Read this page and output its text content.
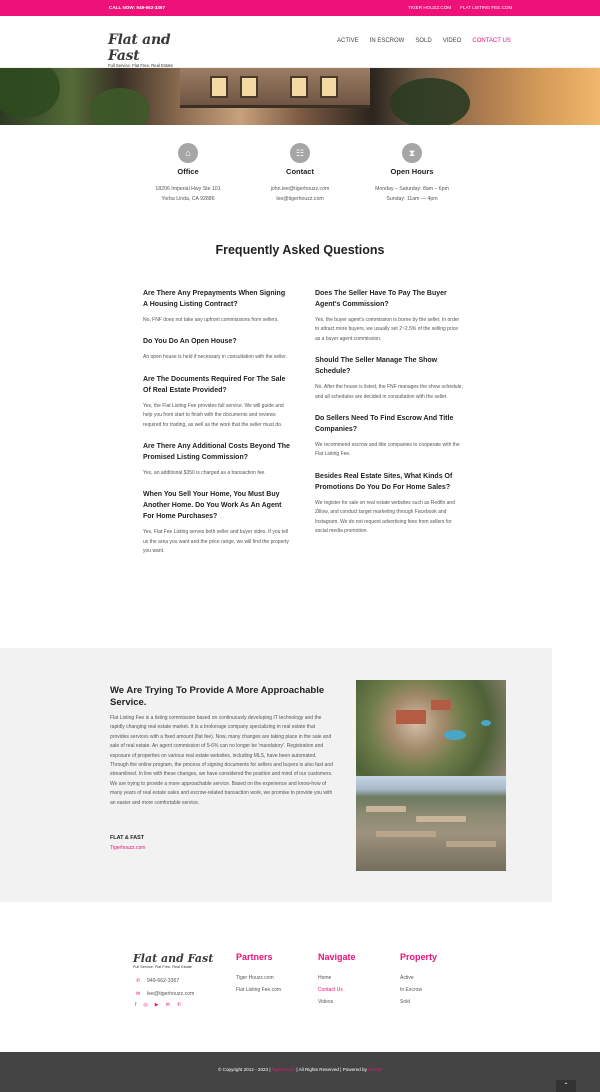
CALL NOW: 949-662-3367	TIGER HOUZZ.COM FLAT LISTING FEE.COM
Flat and Fast
Full Service. Flat Free. Real Estate
ACTIVE IN ESCROW SOLD VIDEO CONTACT US
⌂
Office

18206 Imperial Hwy Ste 101

Yorba Linda, CA 92886

☷
Contact

john.lee@tigerhouzz.com

lee@tigerhouzz.com

⧗
Open Hours

Monday – Saturday: 8am – 6pm

Sunday: 11am — 4pm

Frequently Asked Questions
Are There Any Prepayments When Signing A Housing Listing Contract?

No, FNF does not take any upfront commissions from sellers.

Do You Do An Open House?

An open house is held if necessary in consultation with the seller.

Are The Documents Required For The Sale Of Real Estate Provided?

Yes, the Flat Listing Fee provides full service. We will guide and help you from start to finish with the documents and reviews required for trading, as well as the work that the seller must do.

Are There Any Additional Costs Beyond The Promised Listing Commission?

Yes, an additional $350 is charged as a transaction fee.

When You Sell Your Home, You Must Buy Another Home. Do You Work As An Agent For Home Purchases?

Yes, Flat Fee Listing serves both seller and buyer sides. If you tell us the area you want and the price range, we will find the property you want.

Does The Seller Have To Pay The Buyer Agent's Commission?

Yes, the buyer agent's commission is borne by the seller. In order to attract more buyers, we usually set 2~2.5% of the selling price as a buyer agent commission.

Should The Seller Manage The Show Schedule?

No. After the house is listed, the FNF manages the show schedule, and all schedules are decided in consultation with the seller.

Do Sellers Need To Find Escrow And Title Companies?

We recommend escrow and title companies to cooperate with the Flat Listing Fee.

Besides Real Estate Sites, What Kinds Of Promotions Do You Do For Home Sales?

We register for sale on real estate websites such as Redfin and Zillow, and conduct target marketing through Facebook and Instagram. We do not request advertising fees from sellers for social media promotion.

We Are Trying To Provide A More Approachable Service.

Flat Listing Fee is a listing commission based on continuously developing IT technology and the rapidly changing real estate market. It is a brokerage company specializing in real estate that provides services with a fixed amount (flat fee). Now, many changes are taking place in the sale and sale of real estate. An agent commission of 5-6% can no longer be 'mandatory'. Registration and exposure of properties on various real estate websites, including MLS, have been automated. Through the online program, the process of signing documents for sellers and buyers is also fast and streamlined. In line with these changes, we have considered the position and mind of our customers. We are trying to provide a more approachable service. Based on the experience and know-how of many years of real estate sales and escrow-related transaction work, we promise to provide you with an easier and more comfortable service.

FLAT & FAST
Tigerhouzz.com
Flat and Fast
Full Service. Flat Free. Real Estate
✆ 949-662-3367
✉ lee@tigerhouzz.com
f ◎ ▶ ✉ ✆
Partners
Tiger Houzz.com
Flat Listing Fee.com
Navigate
Home
Contact Us
Videos
Property
Active
In Escrow
Sold
© Copyright 2012 - 2023 | TigerHouzz | All Rights Reserved | Powered by KREW
⌃
